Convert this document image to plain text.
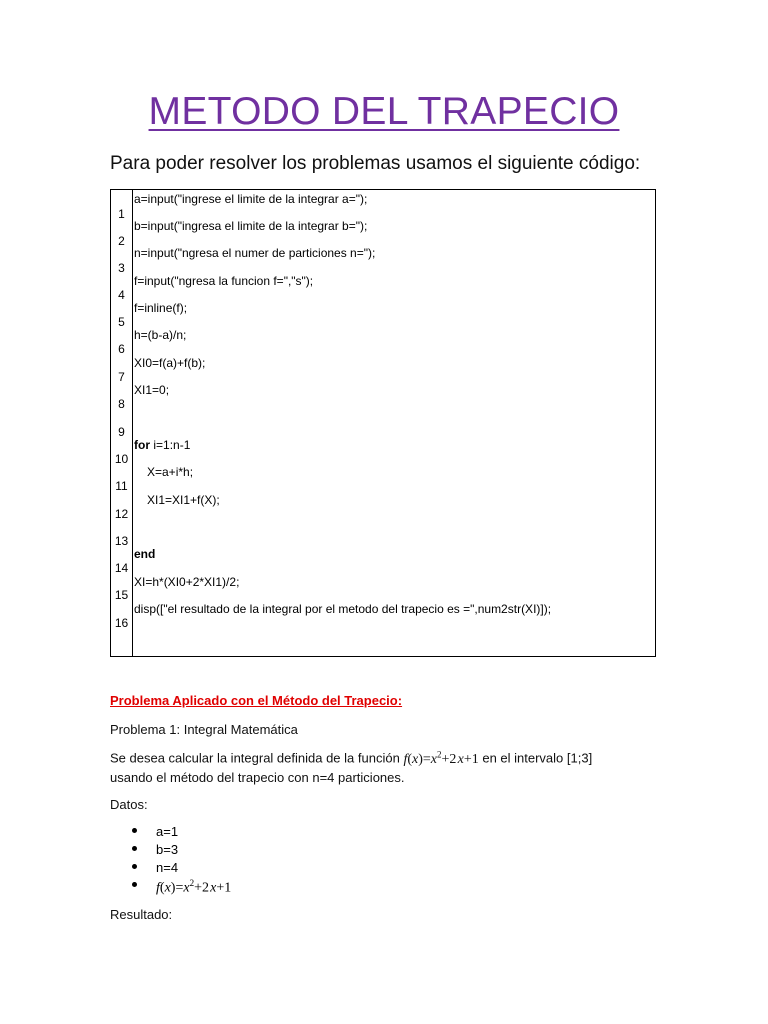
METODO DEL TRAPECIO
Para poder resolver los problemas usamos el siguiente código:
1
2
3
4
5
6
7
8
9
10
11
12
13
14
15
16
a=input("ingrese el limite de la integrar a=");
b=input("ingresa el limite de la integrar b=");
n=input("ngresa el numer de particiones n=");
f=input("ngresa la funcion f=","s");
f=inline(f);
h=(b-a)/n;
XI0=f(a)+f(b);
XI1=0;
for i=1:n-1
X=a+i*h;
XI1=XI1+f(X);
end
XI=h*(XI0+2*XI1)/2;
disp(["el resultado de la integral por el metodo del trapecio es =",num2str(XI)]);
Problema Aplicado con el Método del Trapecio:
Problema 1: Integral Matemática
Se desea calcular la integral definida de la función $f(x)=x^2+2$ x+1 en el intervalo [1;3]
usando el método del trapecio con n=4 particiones.
Datos:
a=1
b=3
n=4
$f(x)=x^2+2$ x+1
Resultado:
